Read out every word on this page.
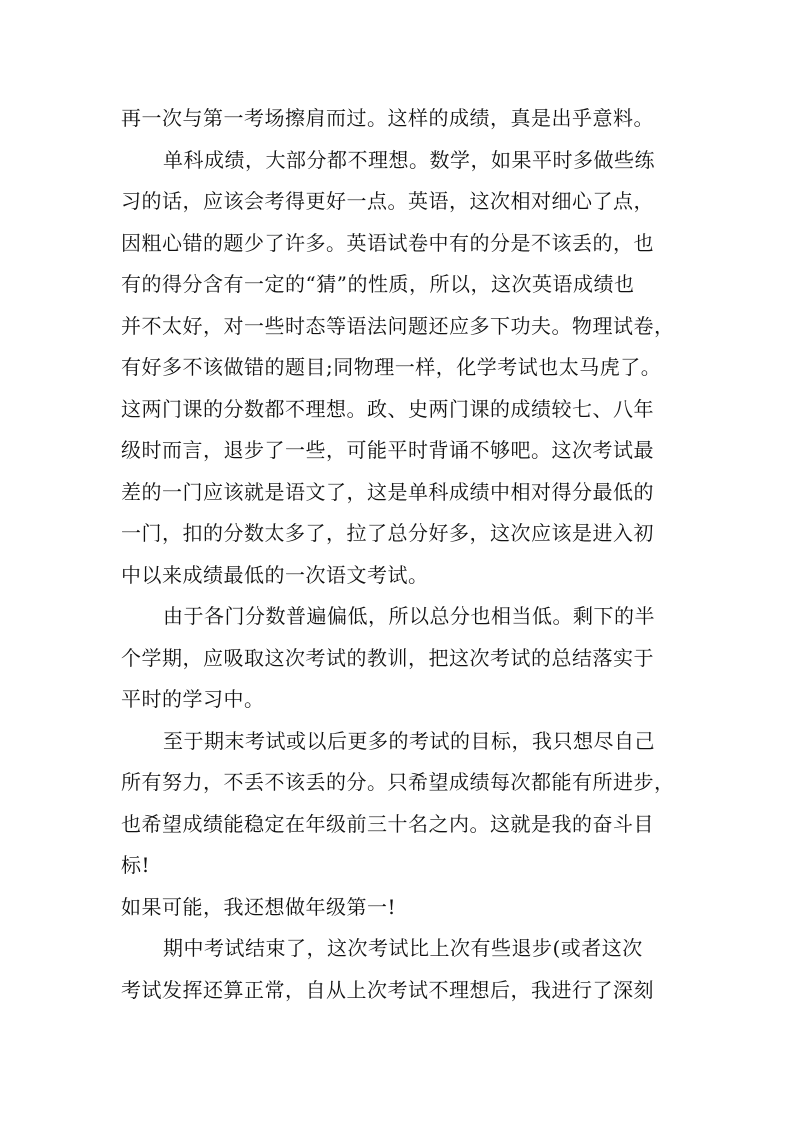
再一次与第一考场擦肩而过。这样的成绩，真是出乎意料。
单科成绩，大部分都不理想。数学，如果平时多做些练
习的话，应该会考得更好一点。英语，这次相对细心了点，
因粗心错的题少了许多。英语试卷中有的分是不该丢的，也
有的得分含有一定的“猜”的性质，所以，这次英语成绩也
并不太好，对一些时态等语法问题还应多下功夫。物理试卷，
有好多不该做错的题目;同物理一样，化学考试也太马虎了。
这两门课的分数都不理想。政、史两门课的成绩较七、八年
级时而言，退步了一些，可能平时背诵不够吧。这次考试最
差的一门应该就是语文了，这是单科成绩中相对得分最低的
一门，扣的分数太多了，拉了总分好多，这次应该是进入初
中以来成绩最低的一次语文考试。
由于各门分数普遍偏低，所以总分也相当低。剩下的半
个学期，应吸取这次考试的教训，把这次考试的总结落实于
平时的学习中。
至于期末考试或以后更多的考试的目标，我只想尽自己
所有努力，不丢不该丢的分。只希望成绩每次都能有所进步，
也希望成绩能稳定在年级前三十名之内。这就是我的奋斗目
标!
如果可能，我还想做年级第一!
期中考试结束了，这次考试比上次有些退步(或者这次
考试发挥还算正常，自从上次考试不理想后，我进行了深刻
